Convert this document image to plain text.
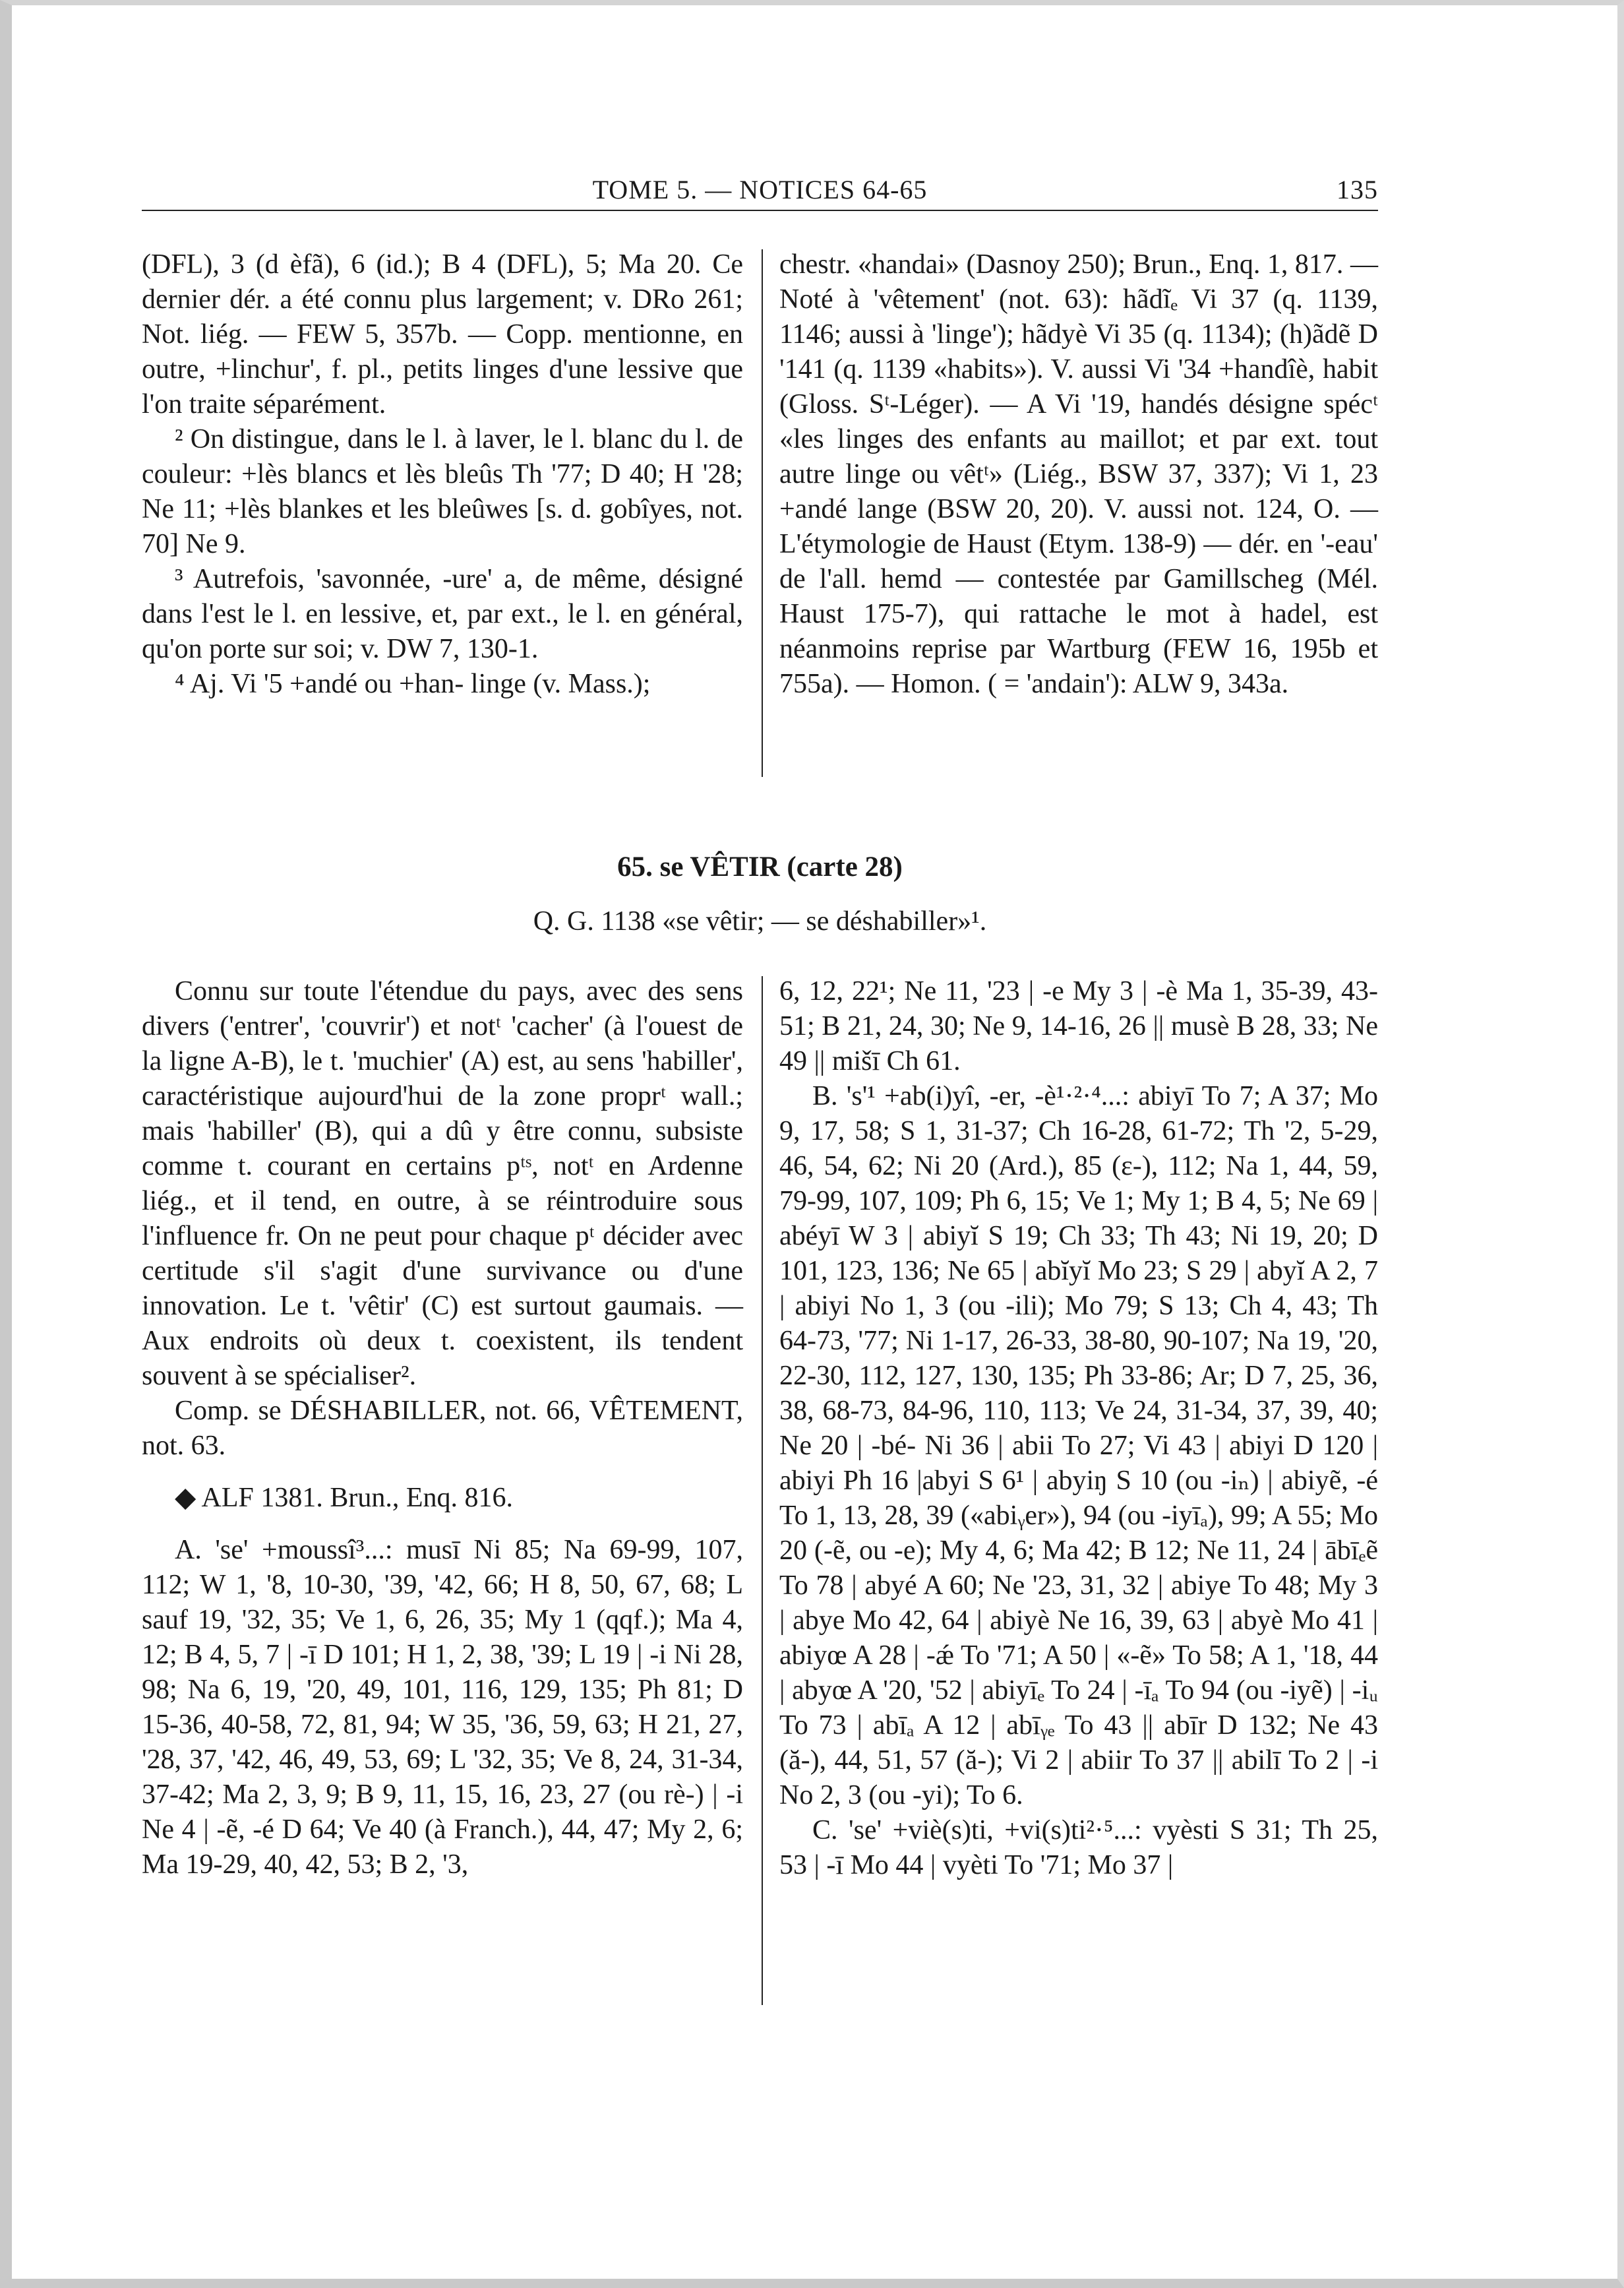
TOME 5. — NOTICES 64-65	135

(DFL), 3 (d èfã), 6 (id.); B 4 (DFL), 5; Ma 20. Ce dernier dér. a été connu plus largement; v. DRo 261; Not. liég. — FEW 5, 357b. — Copp. mentionne, en outre, +linchur', f. pl., petits linges d'une lessive que l'on traite séparément.

² On distingue, dans le l. à laver, le l. blanc du l. de couleur: +lès blancs et lès bleûs Th '77; D 40; H '28; Ne 11; +lès blankes et les bleûwes [s. d. gobîyes, not. 70] Ne 9.

³ Autrefois, 'savonnée, -ure' a, de même, désigné dans l'est le l. en lessive, et, par ext., le l. en général, qu'on porte sur soi; v. DW 7, 130-1.

⁴ Aj. Vi '5 +andé ou +han- linge (v. Mass.);

chestr. «handai» (Dasnoy 250); Brun., Enq. 1, 817. — Noté à 'vêtement' (not. 63): hãdĩₑ Vi 37 (q. 1139, 1146; aussi à 'linge'); hãdyè Vi 35 (q. 1134); (h)ãdẽ D '141 (q. 1139 «habits»). V. aussi Vi '34 +handîè, habit (Gloss. Sᵗ-Léger). — A Vi '19, handés désigne spécᵗ «les linges des enfants au maillot; et par ext. tout autre linge ou vêtᵗ» (Liég., BSW 37, 337); Vi 1, 23 +andé lange (BSW 20, 20). V. aussi not. 124, O. — L'étymologie de Haust (Etym. 138-9) — dér. en '-eau' de l'all. hemd — contestée par Gamillscheg (Mél. Haust 175-7), qui rattache le mot à hadel, est néanmoins reprise par Wartburg (FEW 16, 195b et 755a). — Homon. ( = 'andain'): ALW 9, 343a.

65. se VÊTIR (carte 28)
Q. G. 1138 «se vêtir; — se déshabiller»¹.

Connu sur toute l'étendue du pays, avec des sens divers ('entrer', 'couvrir') et notᵗ 'cacher' (à l'ouest de la ligne A-B), le t. 'muchier' (A) est, au sens 'habiller', caractéristique aujourd'hui de la zone proprᵗ wall.; mais 'habiller' (B), qui a dû y être connu, subsiste comme t. courant en certains pᵗˢ, notᵗ en Ardenne liég., et il tend, en outre, à se réintroduire sous l'influence fr. On ne peut pour chaque pᵗ décider avec certitude s'il s'agit d'une survivance ou d'une innovation. Le t. 'vêtir' (C) est surtout gaumais. — Aux endroits où deux t. coexistent, ils tendent souvent à se spécialiser².

Comp. se DÉSHABILLER, not. 66, VÊTEMENT, not. 63.

◆ ALF 1381. Brun., Enq. 816.

A. 'se' +moussî³...: musī Ni 85; Na 69-99, 107, 112; W 1, '8, 10-30, '39, '42, 66; H 8, 50, 67, 68; L sauf 19, '32, 35; Ve 1, 6, 26, 35; My 1 (qqf.); Ma 4, 12; B 4, 5, 7 | -ī D 101; H 1, 2, 38, '39; L 19 | -i Ni 28, 98; Na 6, 19, '20, 49, 101, 116, 129, 135; Ph 81; D 15-36, 40-58, 72, 81, 94; W 35, '36, 59, 63; H 21, 27, '28, 37, '42, 46, 49, 53, 69; L '32, 35; Ve 8, 24, 31-34, 37-42; Ma 2, 3, 9; B 9, 11, 15, 16, 23, 27 (ou rè-) | -i Ne 4 | -ẽ, -é D 64; Ve 40 (à Franch.), 44, 47; My 2, 6; Ma 19-29, 40, 42, 53; B 2, '3,

6, 12, 22¹; Ne 11, '23 | -e My 3 | -è Ma 1, 35-39, 43-51; B 21, 24, 30; Ne 9, 14-16, 26 || musè B 28, 33; Ne 49 || mišī Ch 61.

B. 's'¹ +ab(i)yî, -er, -è¹·²·⁴...: abiyī To 7; A 37; Mo 9, 17, 58; S 1, 31-37; Ch 16-28, 61-72; Th '2, 5-29, 46, 54, 62; Ni 20 (Ard.), 85 (ε-), 112; Na 1, 44, 59, 79-99, 107, 109; Ph 6, 15; Ve 1; My 1; B 4, 5; Ne 69 | abéyī W 3 | abiyĭ S 19; Ch 33; Th 43; Ni 19, 20; D 101, 123, 136; Ne 65 | abĭyĭ Mo 23; S 29 | abyĭ A 2, 7 | abiyi No 1, 3 (ou -ili); Mo 79; S 13; Ch 4, 43; Th 64-73, '77; Ni 1-17, 26-33, 38-80, 90-107; Na 19, '20, 22-30, 112, 127, 130, 135; Ph 33-86; Ar; D 7, 25, 36, 38, 68-73, 84-96, 110, 113; Ve 24, 31-34, 37, 39, 40; Ne 20 | -bé- Ni 36 | abii To 27; Vi 43 | abiyi D 120 | abiyi Ph 16 |abyi S 6¹ | abyiŋ S 10 (ou -iₙ) | abiyẽ, -é To 1, 13, 28, 39 («abiᵧer»), 94 (ou -iyīₐ), 99; A 55; Mo 20 (-ẽ, ou -e); My 4, 6; Ma 42; B 12; Ne 11, 24 | ābīₑẽ To 78 | abyé A 60; Ne '23, 31, 32 | abiye To 48; My 3 | abye Mo 42, 64 | abiyè Ne 16, 39, 63 | abyè Mo 41 | abiyœ A 28 | -ǽ To '71; A 50 | «-ẽ» To 58; A 1, '18, 44 | abyœ A '20, '52 | abiyīₑ To 24 | -īₐ To 94 (ou -iyẽ) | -iᵤ To 73 | abīₐ A 12 | abīᵧₑ To 43 || abīr D 132; Ne 43 (ă-), 44, 51, 57 (ă-); Vi 2 | abiir To 37 || abilī To 2 | -i No 2, 3 (ou -yi); To 6.

C. 'se' +viè(s)ti, +vi(s)ti²·⁵...: vyèsti S 31; Th 25, 53 | -ī Mo 44 | vyèti To '71; Mo 37 |
